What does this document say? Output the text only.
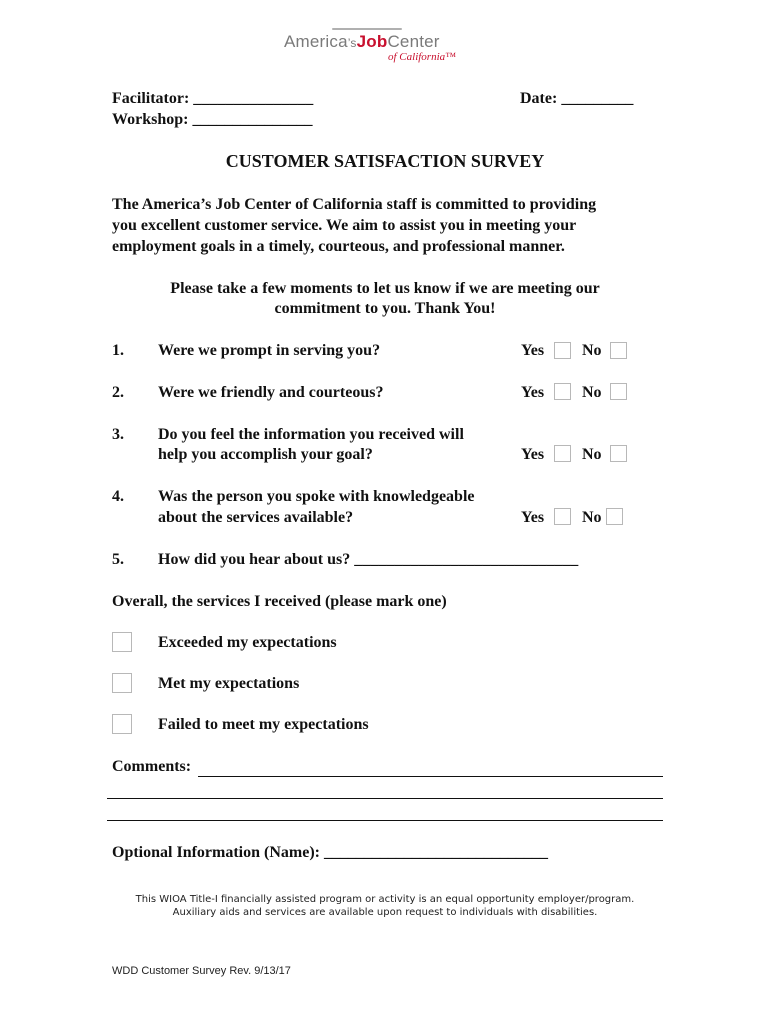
America’sJobCenter
of California™
Facilitator: _______________
Workshop: _______________
Date: _________
CUSTOMER SATISFACTION SURVEY
The America’s Job Center of California staff is committed to providing
you excellent customer service. We aim to assist you in meeting your
employment goals in a timely, courteous, and professional manner.
Please take a few moments to let us know if we are meeting our
commitment to you. Thank You!
1. Were we prompt in serving you?	Yes No
2. Were we friendly and courteous?	Yes No
3. Do you feel the information you received will
help you accomplish your goal?	Yes No
4. Was the person you spoke with knowledgeable
about the services available?	Yes No
5. How did you hear about us? ____________________________
Overall, the services I received (please mark one)
Exceeded my expectations
Met my expectations
Failed to meet my expectations
Comments:
Optional Information (Name): ____________________________
This WIOA Title-I financially assisted program or activity is an equal opportunity employer/program.
Auxiliary aids and services are available upon request to individuals with disabilities.
WDD Customer Survey Rev. 9/13/17
